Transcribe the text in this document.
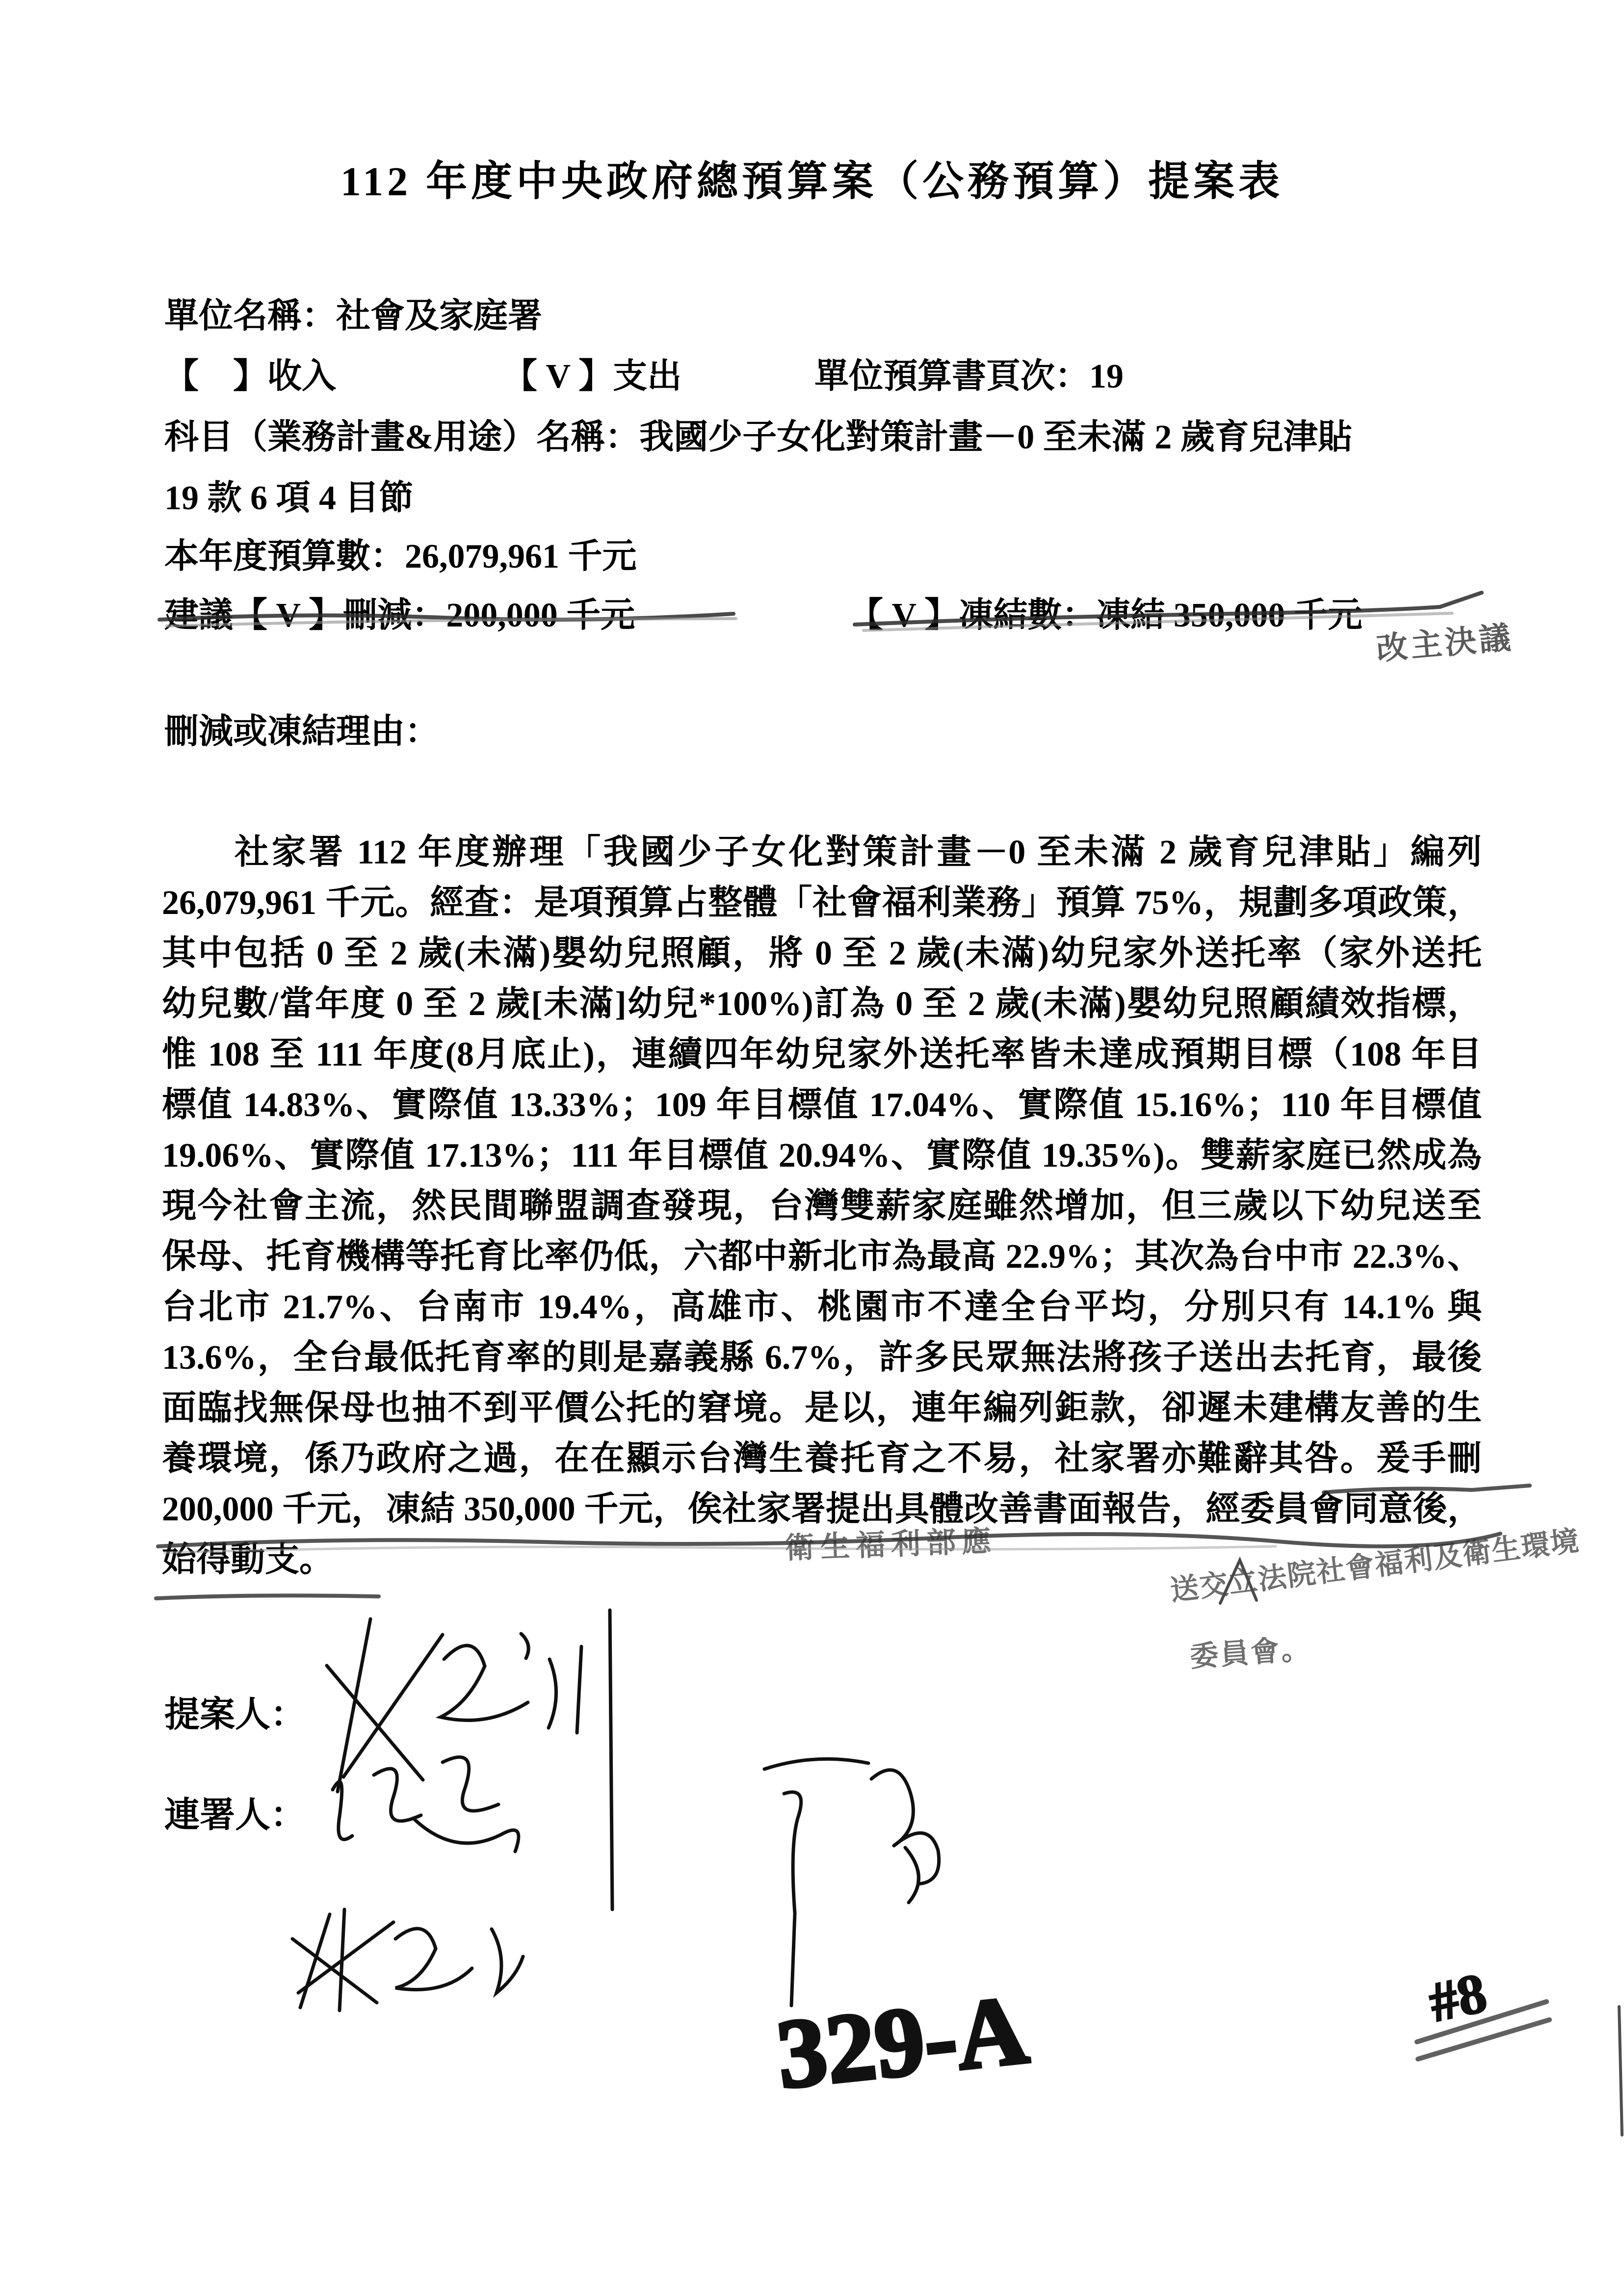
112 年度中央政府總預算案（公務預算）提案表
單位名稱：社會及家庭署
【　】收入	【 V 】支出	單位預算書頁次：19
科目（業務計畫&用途）名稱：我國少子女化對策計畫－0 至未滿 2 歲育兒津貼
19 款 6 項 4 目節
本年度預算數：26,079,961 千元
建議【 V 】刪減：200,000 千元	【 V 】凍結數：凍結 350,000 千元
刪減或凍結理由：
社家署 112 年度辦理「我國少子女化對策計畫－0 至未滿 2 歲育兒津貼」編列
26,079,961 千元。經查：是項預算占整體「社會福利業務」預算 75%，規劃多項政策，
其中包括 0 至 2 歲(未滿)嬰幼兒照顧，將 0 至 2 歲(未滿)幼兒家外送托率（家外送托
幼兒數/當年度 0 至 2 歲[未滿]幼兒*100%)訂為 0 至 2 歲(未滿)嬰幼兒照顧績效指標，
惟 108 至 111 年度(8月底止)，連續四年幼兒家外送托率皆未達成預期目標（108 年目
標值 14.83%、實際值 13.33%；109 年目標值 17.04%、實際值 15.16%；110 年目標值
19.06%、實際值 17.13%；111 年目標值 20.94%、實際值 19.35%)。雙薪家庭已然成為
現今社會主流，然民間聯盟調查發現，台灣雙薪家庭雖然增加，但三歲以下幼兒送至
保母、托育機構等托育比率仍低，六都中新北市為最高 22.9%；其次為台中市 22.3%、
台北市 21.7%、台南市 19.4%，高雄市、桃園市不達全台平均，分別只有 14.1% 與
13.6%，全台最低托育率的則是嘉義縣 6.7%，許多民眾無法將孩子送出去托育，最後
面臨找無保母也抽不到平價公托的窘境。是以，連年編列鉅款，卻遲未建構友善的生
養環境，係乃政府之過，在在顯示台灣生養托育之不易，社家署亦難辭其咎。爰手刪
200,000 千元，凍結 350,000 千元，俟社家署提出具體改善書面報告，經委員會同意後，
始得動支。
改主決議
衛生福利部應	送交立法院社會福利及衛生環境
委員會。
提案人：
連署人：
329-A	#8
